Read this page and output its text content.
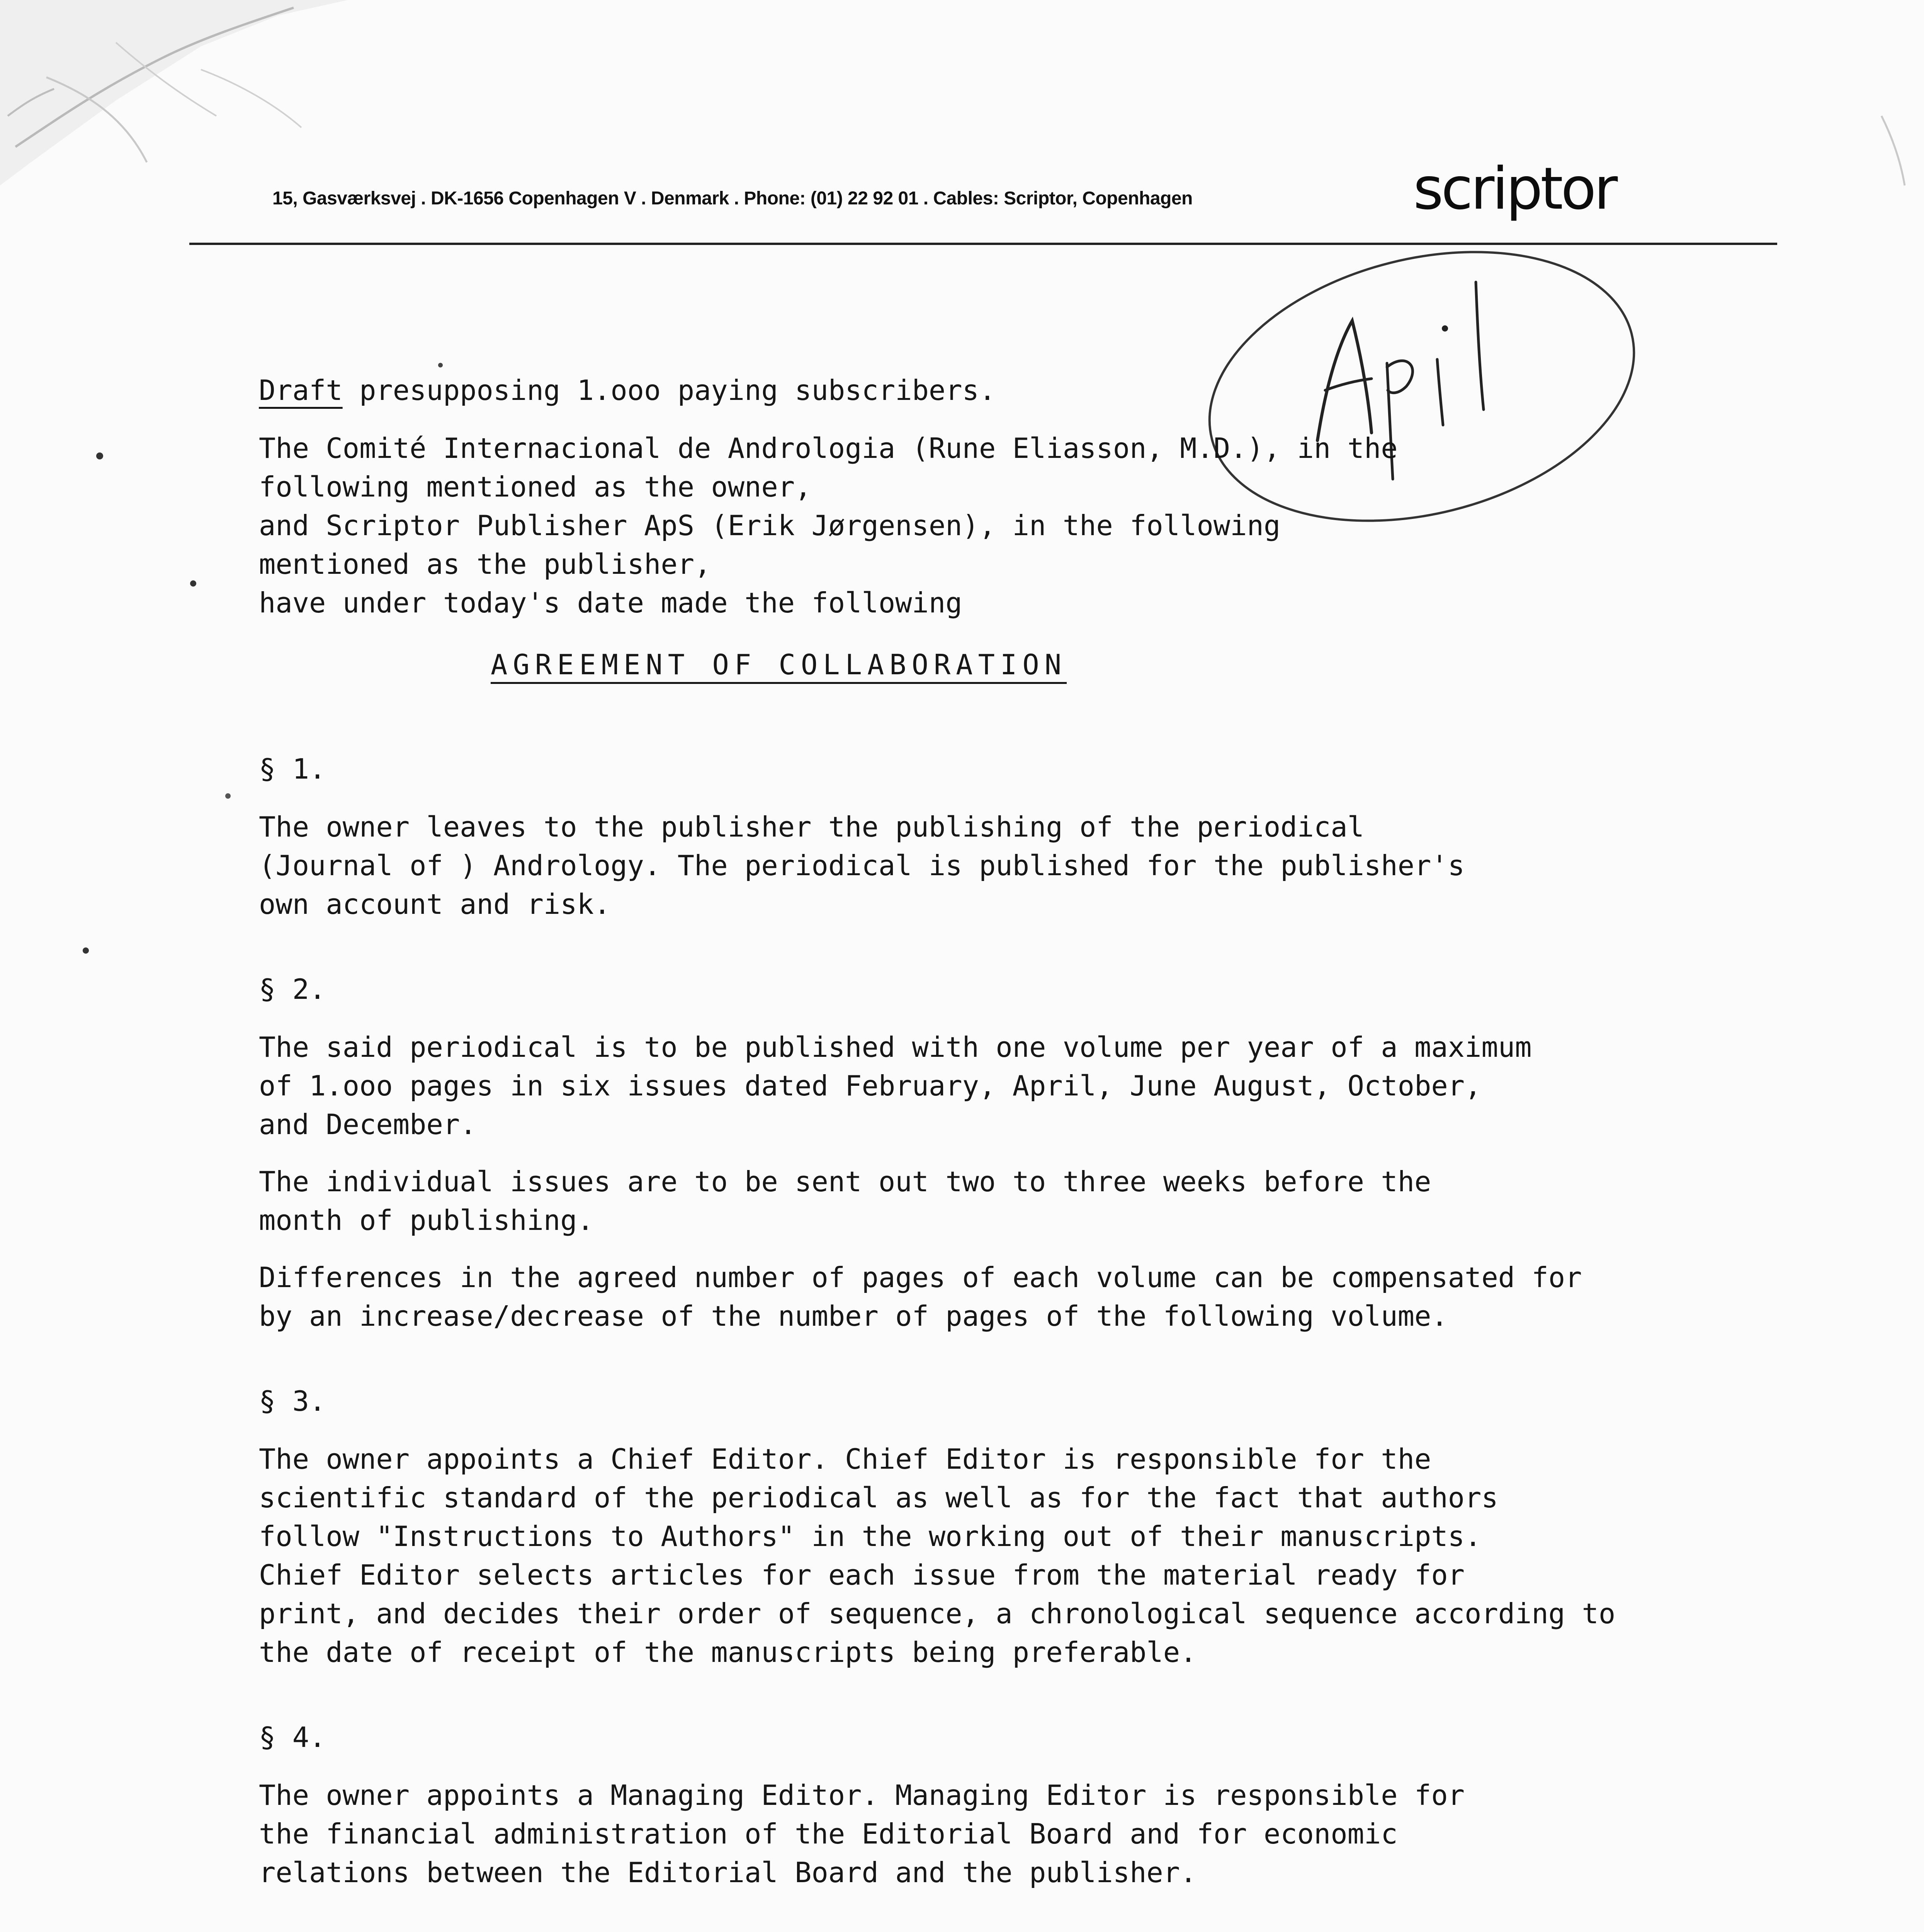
15, Gasværksvej . DK-1656 Copenhagen V . Denmark . Phone: (01) 22 92 01 . Cables: Scriptor, Copenhagen	scriptor
Draft presupposing 1.ooo paying subscribers.
The Comité Internacional de Andrologia (Rune Eliasson, M.D.), in the
following mentioned as the owner,
and Scriptor Publisher ApS (Erik Jørgensen), in the following
mentioned as the publisher,
have under today's date made the following
AGREEMENT OF COLLABORATION
§ 1.
The owner leaves to the publisher the publishing of the periodical
(Journal of ) Andrology. The periodical is published for the publisher's
own account and risk.
§ 2.
The said periodical is to be published with one volume per year of a maximum
of 1.ooo pages in six issues dated February, April, June August, October,
and December.
The individual issues are to be sent out two to three weeks before the
month of publishing.
Differences in the agreed number of pages of each volume can be compensated for
by an increase/decrease of the number of pages of the following volume.
§ 3.
The owner appoints a Chief Editor. Chief Editor is responsible for the
scientific standard of the periodical as well as for the fact that authors
follow "Instructions to Authors" in the working out of their manuscripts.
Chief Editor selects articles for each issue from the material ready for
print, and decides their order of sequence, a chronological sequence according to
the date of receipt of the manuscripts being preferable.
§ 4.
The owner appoints a Managing Editor. Managing Editor is responsible for
the financial administration of the Editorial Board and for economic
relations between the Editorial Board and the publisher.
